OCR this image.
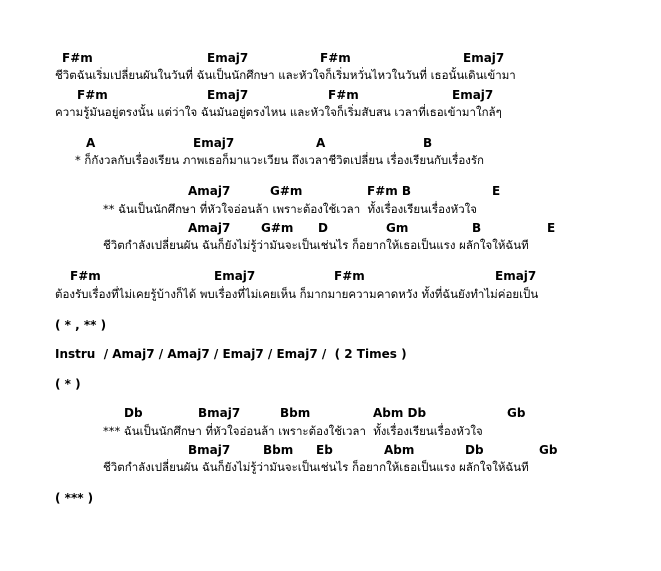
F#m	Emaj7	F#m	Emaj7
ชีวิตฉันเริ่มเปลี่ยนผันในวันที่ ฉันเป็นนักศึกษา และหัวใจก็เริ่มหวั่นไหวในวันที่ เธอนั้นเดินเข้ามา
F#m	Emaj7	F#m	Emaj7
ความรู้มันอยู่ตรงนั้น แต่ว่าใจ ฉันมันอยู่ตรงไหน และหัวใจก็เริ่มสับสน เวลาที่เธอเข้ามาใกล้ๆ
A	Emaj7	A	B
* ก็กังวลกับเรื่องเรียน ภาพเธอก็มาแวะเวียน ถึงเวลาชีวิตเปลี่ยน เรื่องเรียนกับเรื่องรัก
Amaj7	G#m	F#m B	E
** ฉันเป็นนักศึกษา ที่หัวใจอ่อนล้า เพราะต้องใช้เวลา  ทั้งเรื่องเรียนเรื่องหัวใจ
Amaj7	G#m D	Gm	B	E
ชีวิตกำลังเปลี่ยนผัน ฉันก็ยังไม่รู้ว่ามันจะเป็นเช่นไร ก็อยากให้เธอเป็นแรง ผลักใจให้ฉันที
F#m	Emaj7	F#m	Emaj7
ต้องรับเรื่องที่ไม่เคยรู้บ้างก็ได้ พบเรื่องที่ไม่เคยเห็น ก็มากมายความคาดหวัง ทั้งที่ฉันยังทำไม่ค่อยเป็น
( * , ** )
Instru  / Amaj7 / Amaj7 / Emaj7 / Emaj7 /  ( 2 Times )
( * )
Db	Bmaj7	Bbm	Abm Db	Gb
*** ฉันเป็นนักศึกษา ที่หัวใจอ่อนล้า เพราะต้องใช้เวลา  ทั้งเรื่องเรียนเรื่องหัวใจ
Bmaj7	Bbm Eb	Abm	Db	Gb
ชีวิตกำลังเปลี่ยนผัน ฉันก็ยังไม่รู้ว่ามันจะเป็นเช่นไร ก็อยากให้เธอเป็นแรง ผลักใจให้ฉันที
( *** )
